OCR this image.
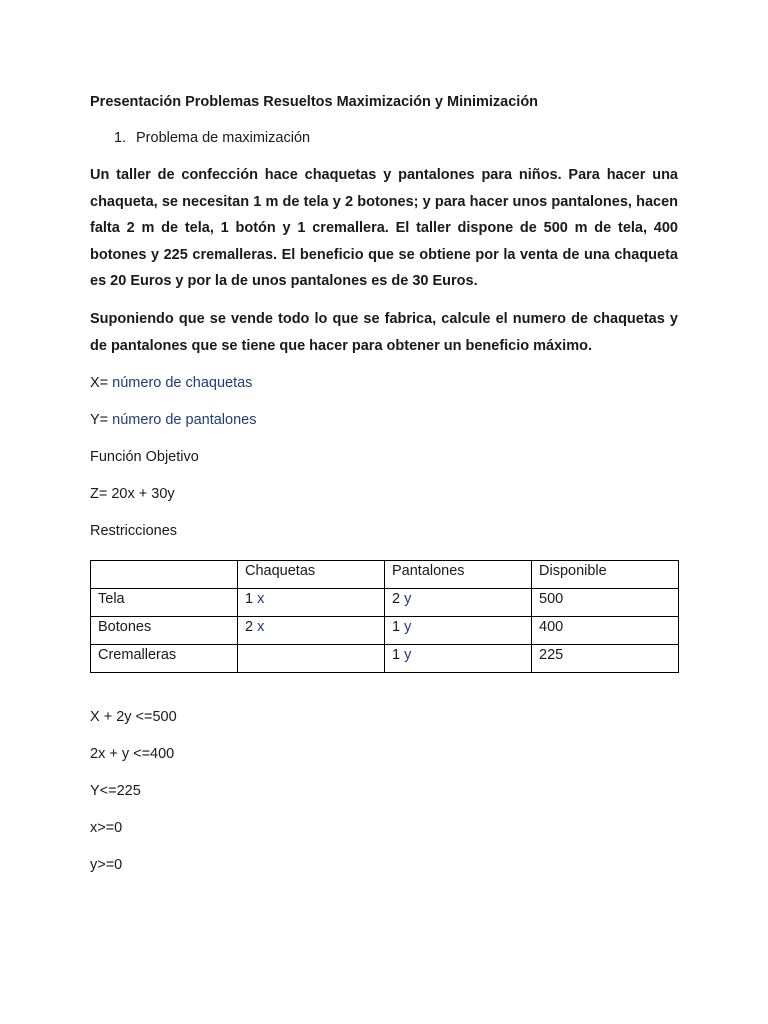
Presentación Problemas Resueltos Maximización y Minimización
1. Problema de maximización
Un taller de confección hace chaquetas y pantalones para niños. Para hacer una chaqueta, se necesitan 1 m de tela y 2 botones; y para hacer unos pantalones, hacen falta 2 m de tela, 1 botón y 1 cremallera. El taller dispone de 500 m de tela, 400 botones y 225 cremalleras. El beneficio que se obtiene por la venta de una chaqueta es 20 Euros y por la de unos pantalones es de 30 Euros.
Suponiendo que se vende todo lo que se fabrica, calcule el numero de chaquetas y de pantalones que se tiene que hacer para obtener un beneficio máximo.
X= número de chaquetas
Y= número de pantalones
Función Objetivo
Z= 20x + 30y
Restricciones
	Chaquetas	Pantalones	Disponible
Tela	1 x	2 y	500
Botones	2 x	1 y	400
Cremalleras		1 y	225
X + 2y <=500
2x + y <=400
Y<=225
x>=0
y>=0
